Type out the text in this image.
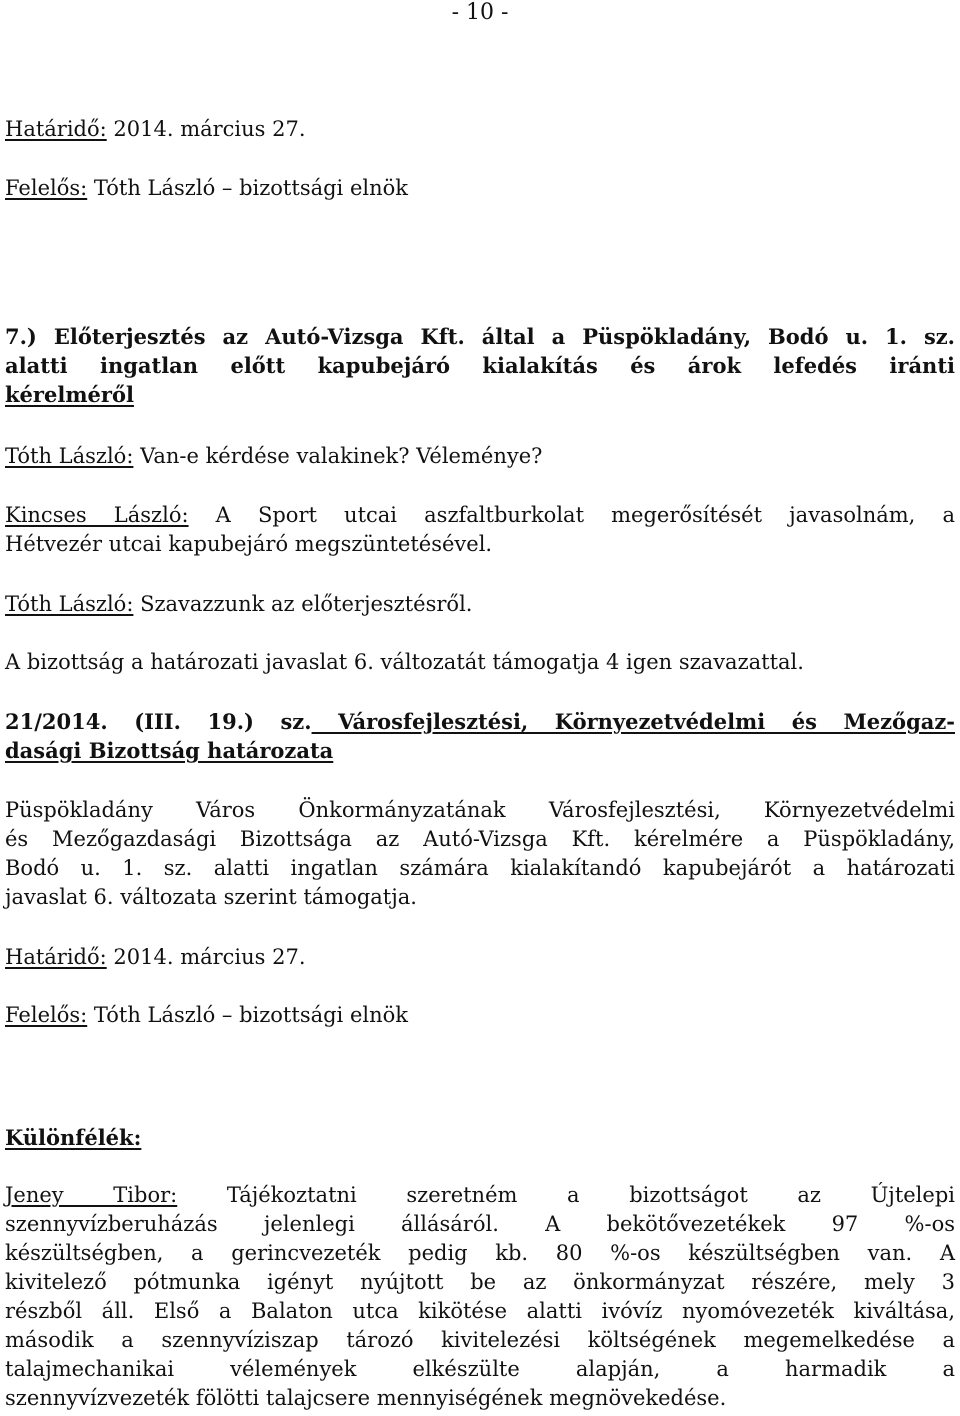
- 10 -

Határidő: 2014. március 27.

Felelős: Tóth László – bizottsági elnök

7.) Előterjesztés az Autó-Vizsga Kft. által a Püspökladány, Bodó u. 1. sz.
alatti ingatlan előtt kapubejáró kialakítás és árok lefedés iránti
kérelméről

Tóth László: Van-e kérdése valakinek? Véleménye?

Kincses László: A Sport utcai aszfaltburkolat megerősítését javasolnám, a
Hétvezér utcai kapubejáró megszüntetésével.

Tóth László: Szavazzunk az előterjesztésről.

A bizottság a határozati javaslat 6. változatát támogatja 4 igen szavazattal.

21/2014. (III. 19.) sz. Városfejlesztési, Környezetvédelmi és Mezőgaz-
dasági Bizottság határozata
Püspökladány Város Önkormányzatának Városfejlesztési, Környezetvédelmi
és Mezőgazdasági Bizottsága az Autó-Vizsga Kft. kérelmére a Püspökladány,
Bodó u. 1. sz. alatti ingatlan számára kialakítandó kapubejárót a határozati
javaslat 6. változata szerint támogatja.

Határidő: 2014. március 27.

Felelős: Tóth László – bizottsági elnök

Különfélék:

Jeney Tibor: Tájékoztatni szeretném a bizottságot az Újtelepi
szennyvízberuházás jelenlegi állásáról. A bekötővezetékek 97 %-os
készültségben, a gerincvezeték pedig kb. 80 %-os készültségben van. A
kivitelező pótmunka igényt nyújtott be az önkormányzat részére, mely 3
részből áll. Első a Balaton utca kikötése alatti ivóvíz nyomóvezeték kiváltása,
második a szennyvíziszap tározó kivitelezési költségének megemelkedése a
talajmechanikai vélemények elkészülte alapján, a harmadik a
szennyvízvezeték fölötti talajcsere mennyiségének megnövekedése.
